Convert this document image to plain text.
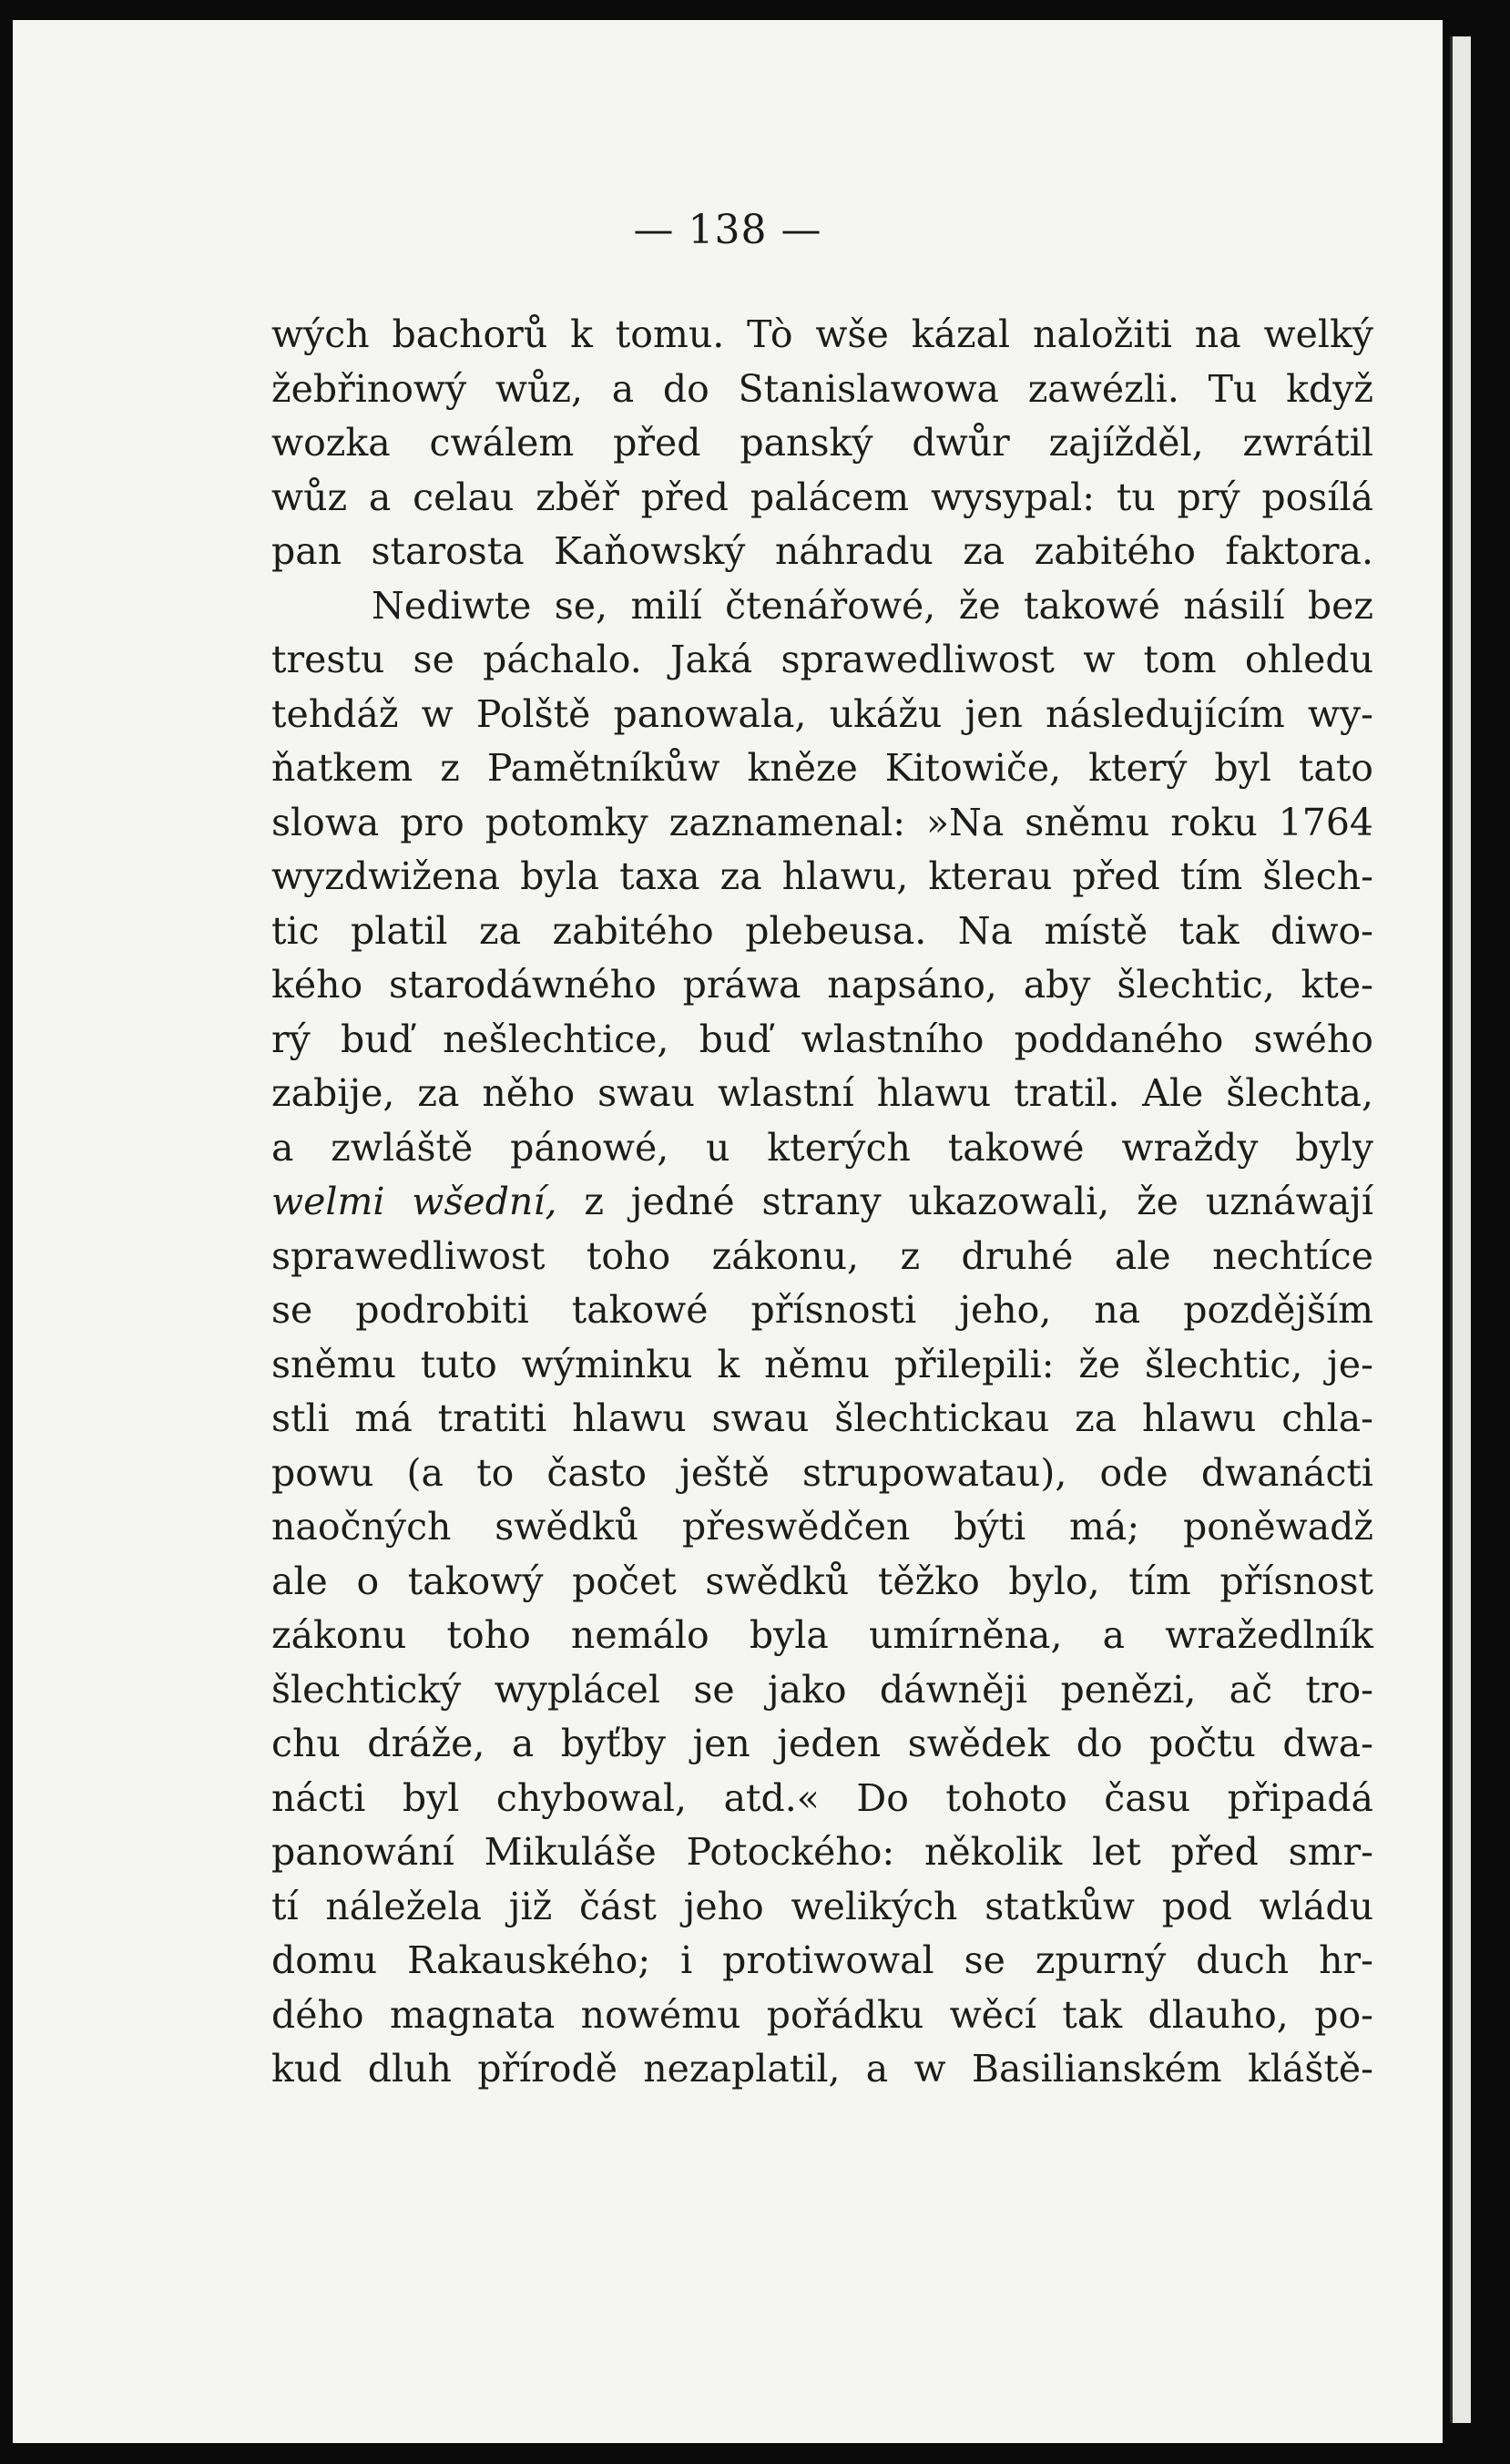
— 138 —
wých bachorů k tomu. Tò wše kázal naložiti na welký
žebřinowý wůz, a do Stanislawowa zawézli. Tu když
wozka cwálem před panský dwůr zajížděl, zwrátil
wůz a celau zběř před palácem wysypal: tu prý posílá
pan starosta Kaňowský náhradu za zabitého faktora.
Nediwte se, milí čtenářowé, že takowé násilí bez
trestu se páchalo. Jaká sprawedliwost w tom ohledu
tehdáž w Polště panowala, ukážu jen následujícím wy-
ňatkem z Pamětníkůw kněze Kitowiče, který byl tato
slowa pro potomky zaznamenal: »Na sněmu roku 1764
wyzdwižena byla taxa za hlawu, kterau před tím šlech-
tic platil za zabitého plebeusa. Na místě tak diwo-
kého starodáwného práwa napsáno, aby šlechtic, kte-
rý buď nešlechtice, buď wlastního poddaného swého
zabije, za něho swau wlastní hlawu tratil. Ale šlechta,
a zwláště pánowé, u kterých takowé wraždy byly
welmi wšední, z jedné strany ukazowali, že uznáwají
sprawedliwost toho zákonu, z druhé ale nechtíce
se podrobiti takowé přísnosti jeho, na pozdějším
sněmu tuto wýminku k němu přilepili: že šlechtic, je-
stli má tratiti hlawu swau šlechtickau za hlawu chla-
powu (a to často ještě strupowatau), ode dwanácti
naočných swědků přeswědčen býti má; poněwadž
ale o takowý počet swědků těžko bylo, tím přísnost
zákonu toho nemálo byla umírněna, a wražedlník
šlechtický wyplácel se jako dáwněji penězi, ač tro-
chu dráže, a byťby jen jeden swědek do počtu dwa-
nácti byl chybowal, atd.« Do tohoto času připadá
panowání Mikuláše Potockého: několik let před smr-
tí náležela již část jeho welikých statkůw pod wládu
domu Rakauského; i protiwowal se zpurný duch hr-
dého magnata nowému pořádku wěcí tak dlauho, po-
kud dluh přírodě nezaplatil, a w Basilianském kláště-
